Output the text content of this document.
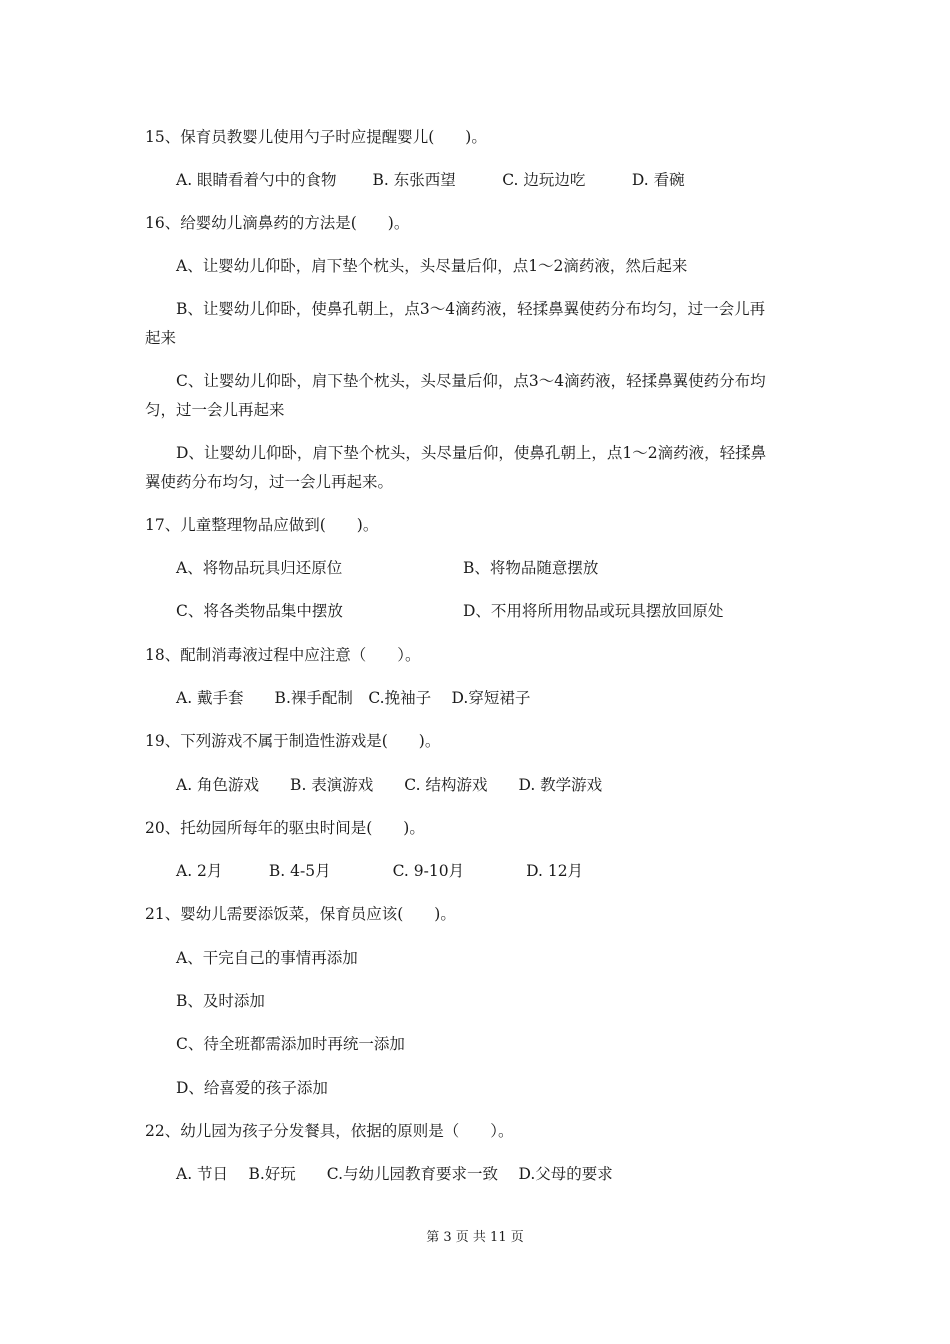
15、保育员教婴儿使用勺子时应提醒婴儿(　　)。
A. 眼睛看着勺中的食物　　 B. 东张西望　　　C. 边玩边吃　　　D. 看碗
16、给婴幼儿滴鼻药的方法是(　　)。
A、让婴幼儿仰卧，肩下垫个枕头，头尽量后仰，点1～2滴药液，然后起来
B、让婴幼儿仰卧，使鼻孔朝上，点3～4滴药液，轻揉鼻翼使药分布均匀，过一会儿再
起来
C、让婴幼儿仰卧，肩下垫个枕头，头尽量后仰，点3～4滴药液，轻揉鼻翼使药分布均
匀，过一会儿再起来
D、让婴幼儿仰卧，肩下垫个枕头，头尽量后仰，使鼻孔朝上，点1～2滴药液，轻揉鼻
翼使药分布均匀，过一会儿再起来。
17、儿童整理物品应做到(　　)。
A、将物品玩具归还原位	B、将物品随意摆放
C、将各类物品集中摆放	D、不用将所用物品或玩具摆放回原处
18、配制消毒液过程中应注意（　　）。
A. 戴手套　　B.裸手配制　C.挽袖子　 D.穿短裙子
19、下列游戏不属于制造性游戏是(　　)。
A. 角色游戏　　B. 表演游戏　　C. 结构游戏　　D. 教学游戏
20、托幼园所每年的驱虫时间是(　　)。
A. 2月　　　B. 4-5月　　　　C. 9-10月　　　　D. 12月
21、婴幼儿需要添饭菜，保育员应该(　　)。
A、干完自己的事情再添加
B、及时添加
C、待全班都需添加时再统一添加
D、给喜爱的孩子添加
22、幼儿园为孩子分发餐具，依据的原则是（　　）。
A. 节日　 B.好玩　　C.与幼儿园教育要求一致　 D.父母的要求
第 3 页 共 11 页
